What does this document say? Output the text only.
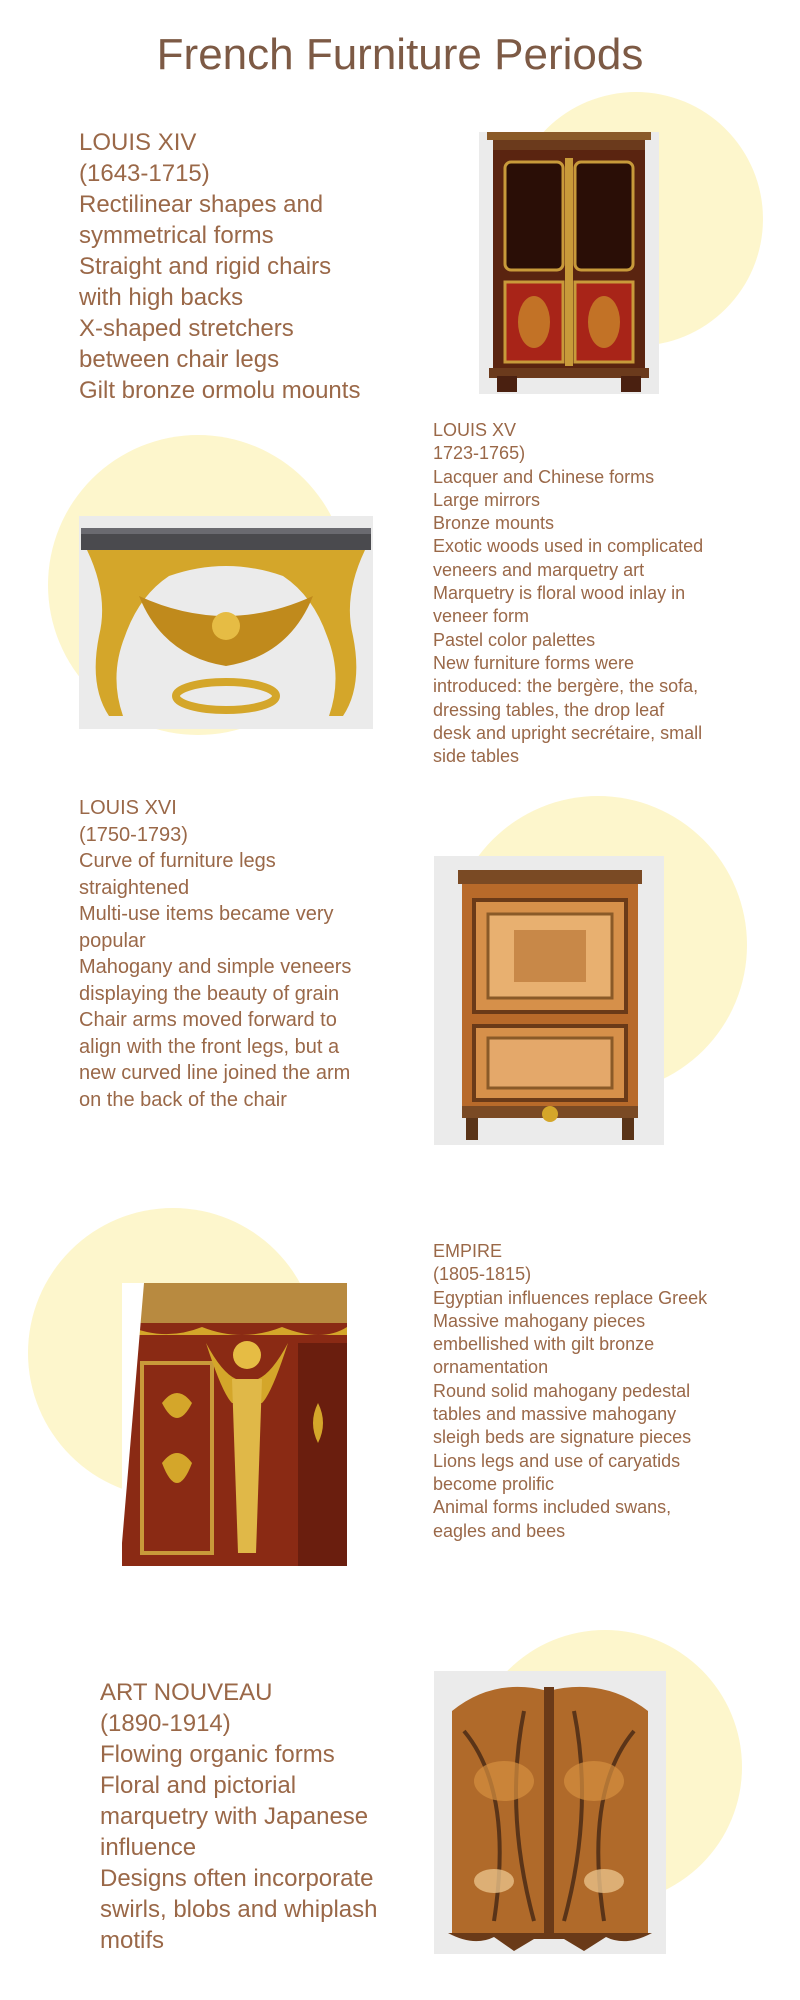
French Furniture Periods
LOUIS XIV
(1643-1715)
Rectilinear shapes and
symmetrical forms
Straight and rigid chairs
with high backs
X-shaped stretchers
between chair legs
Gilt bronze ormolu mounts
LOUIS XV
1723-1765)
Lacquer and Chinese forms
Large mirrors
Bronze mounts
Exotic woods used in complicated
veneers and marquetry art
Marquetry is floral wood inlay in
veneer form
Pastel color palettes
New furniture forms were
introduced: the bergère, the sofa,
dressing tables, the drop leaf
desk and upright secrétaire, small
side tables
LOUIS XVI
(1750-1793)
Curve of furniture legs
straightened
Multi-use items became very
popular
Mahogany and simple veneers
displaying the beauty of grain
Chair arms moved forward to
align with the front legs, but a
new curved line joined the arm
on the back of the chair
EMPIRE
(1805-1815)
Egyptian influences replace Greek
Massive mahogany pieces
embellished with gilt bronze
ornamentation
Round solid mahogany pedestal
tables and massive mahogany
sleigh beds are signature pieces
Lions legs and use of caryatids
become prolific
Animal forms included swans,
eagles and bees
ART NOUVEAU
(1890-1914)
Flowing organic forms
Floral and pictorial
marquetry with Japanese
influence
Designs often incorporate
swirls, blobs and whiplash
motifs
